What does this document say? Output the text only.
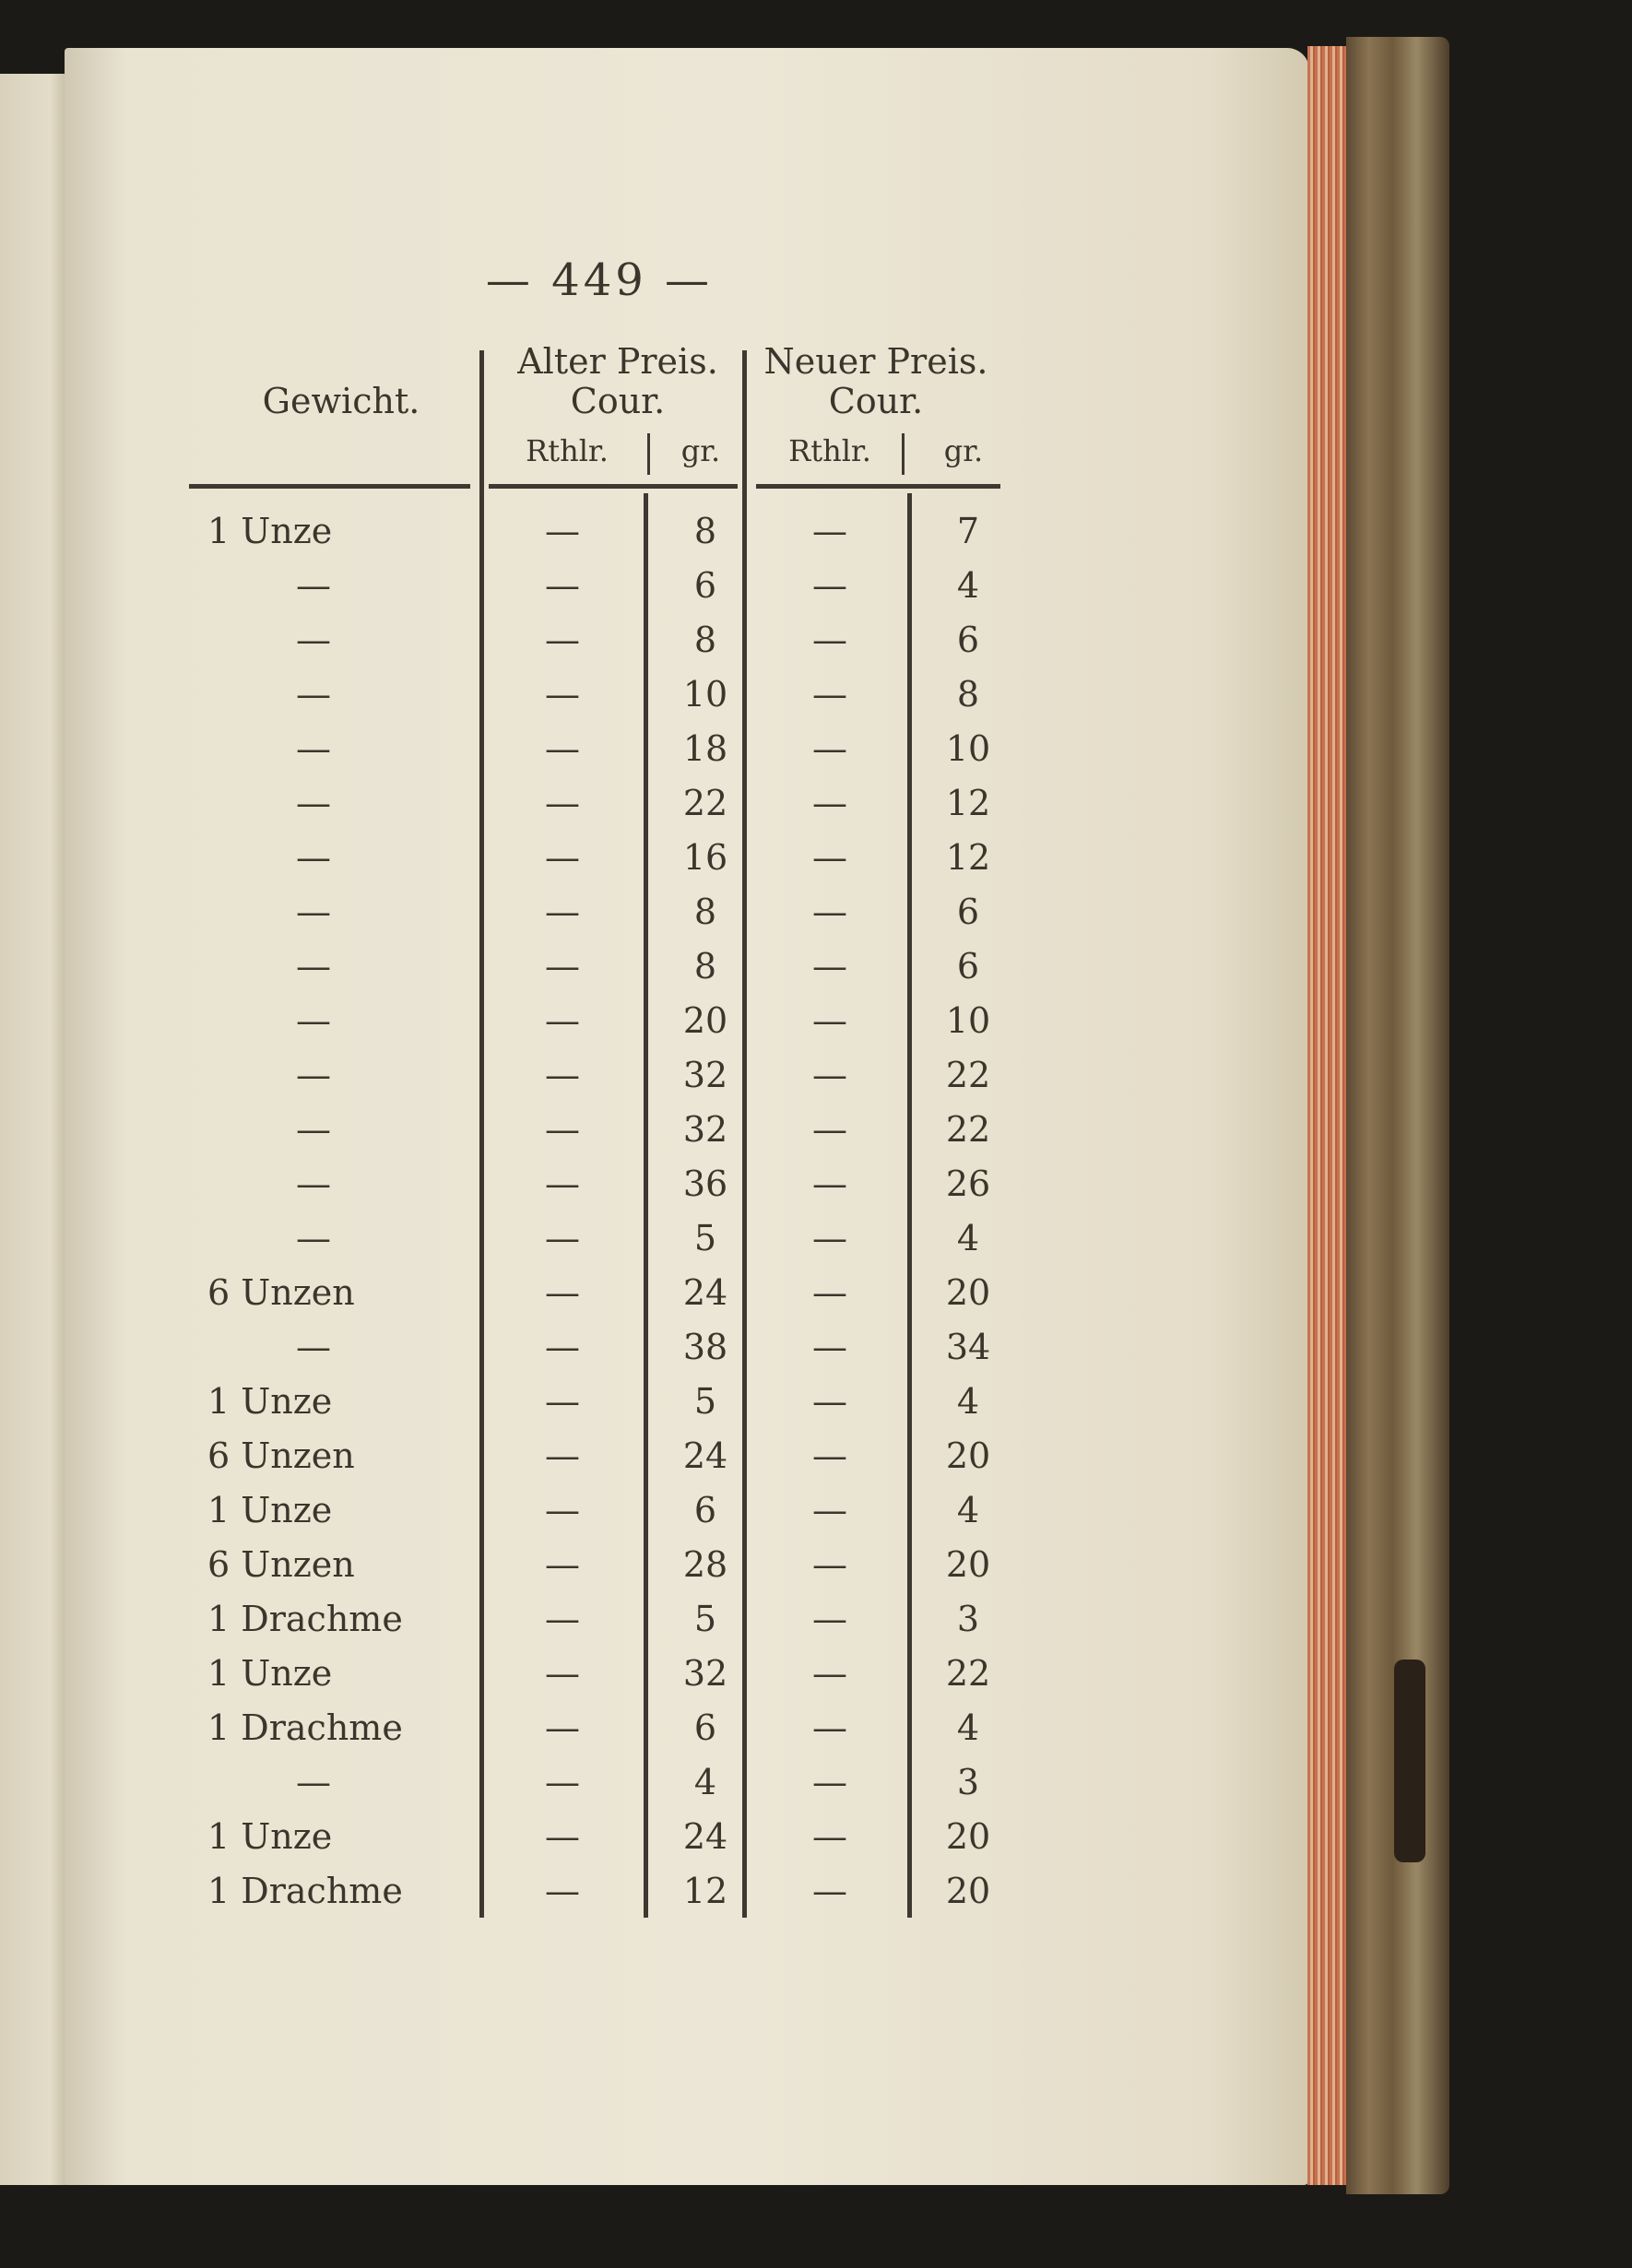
— 449 —
Gewicht.
Alter Preis.
Cour.
Rthlr.	gr.
Neuer Preis.
Cour.
Rthlr.	gr.
1 Unze	—	8	—	7
—	—	6	—	4
—	—	8	—	6
—	—	10	—	8
—	—	18	—	10
—	—	22	—	12
—	—	16	—	12
—	—	8	—	6
—	—	8	—	6
—	—	20	—	10
—	—	32	—	22
—	—	32	—	22
—	—	36	—	26
—	—	5	—	4
6 Unzen	—	24	—	20
—	—	38	—	34
1 Unze	—	5	—	4
6 Unzen	—	24	—	20
1 Unze	—	6	—	4
6 Unzen	—	28	—	20
1 Drachme	—	5	—	3
1 Unze	—	32	—	22
1 Drachme	—	6	—	4
—	—	4	—	3
1 Unze	—	24	—	20
1 Drachme	—	12	—	20
